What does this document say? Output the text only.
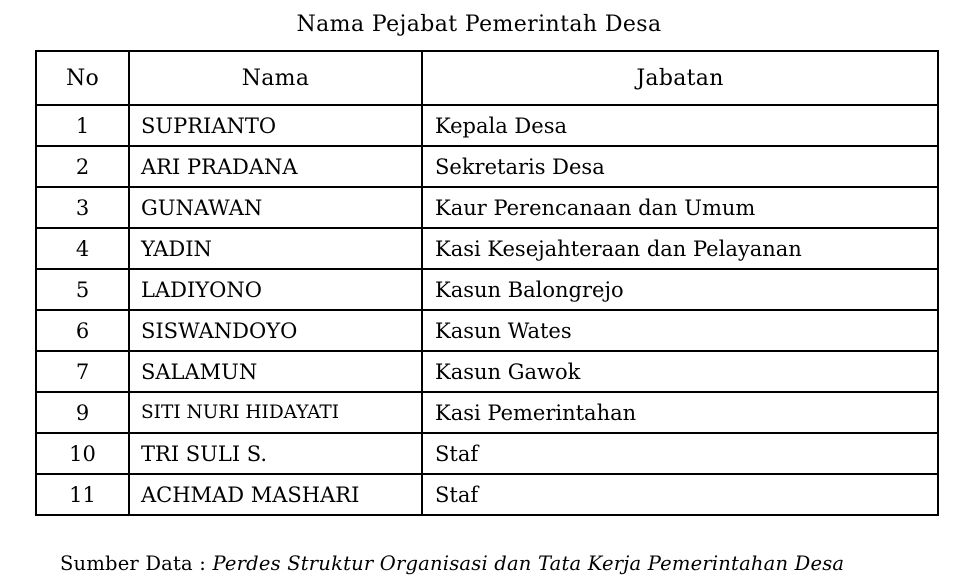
Nama Pejabat Pemerintah Desa
No	Nama	Jabatan
1	SUPRIANTO	Kepala Desa
2	ARI PRADANA	Sekretaris Desa
3	GUNAWAN	Kaur Perencanaan dan Umum
4	YADIN	Kasi Kesejahteraan dan Pelayanan
5	LADIYONO	Kasun Balongrejo
6	SISWANDOYO	Kasun Wates
7	SALAMUN	Kasun Gawok
9	SITI NURI HIDAYATI	Kasi Pemerintahan
10	TRI SULI S.	Staf
11	ACHMAD MASHARI	Staf
Sumber Data : Perdes Struktur Organisasi dan Tata Kerja Pemerintahan Desa
